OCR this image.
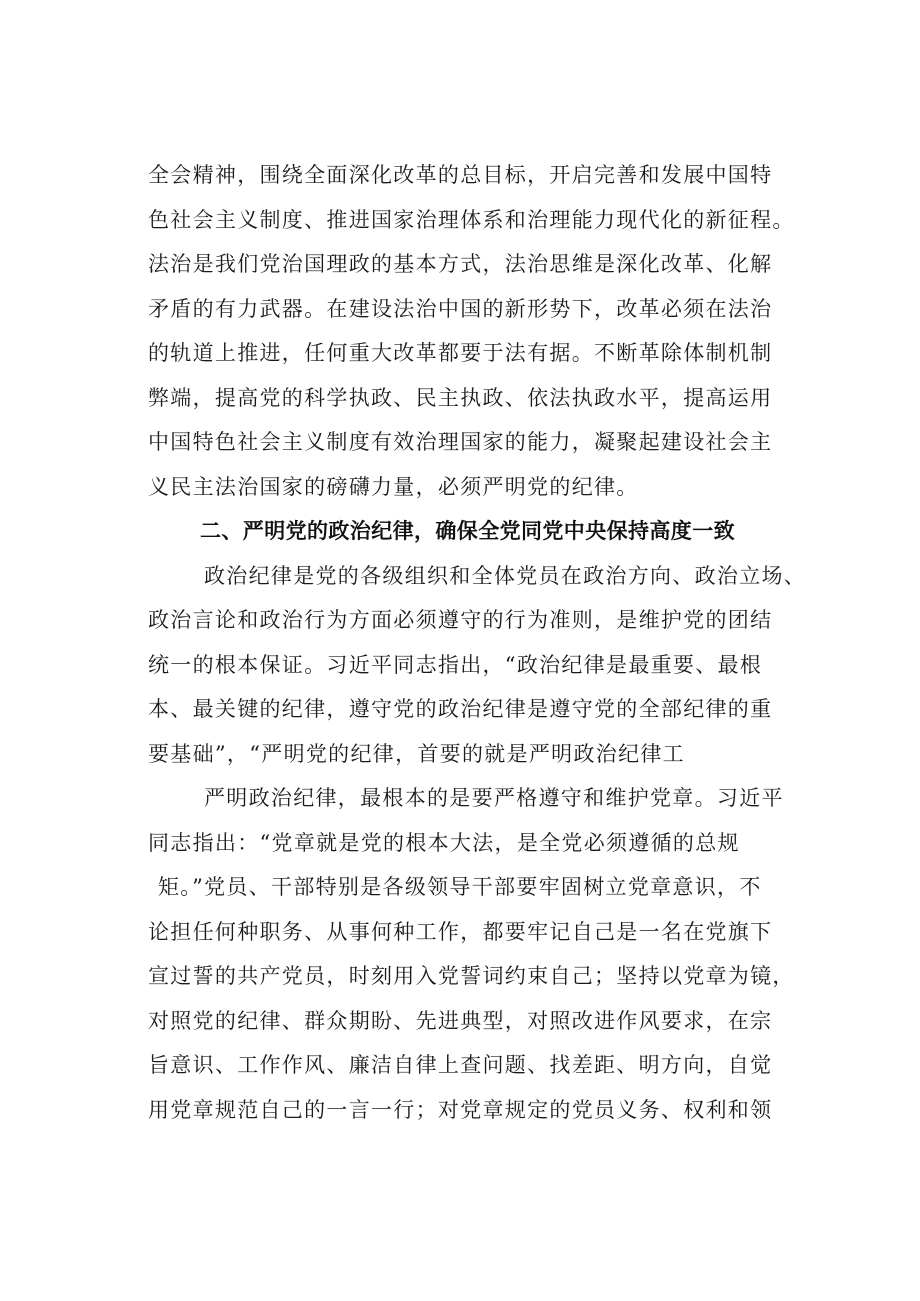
全会精神，围绕全面深化改革的总目标，开启完善和发展中国特
色社会主义制度、推进国家治理体系和治理能力现代化的新征程。
法治是我们党治国理政的基本方式，法治思维是深化改革、化解
矛盾的有力武器。在建设法治中国的新形势下，改革必须在法治
的轨道上推进，任何重大改革都要于法有据。不断革除体制机制
弊端，提高党的科学执政、民主执政、依法执政水平，提高运用
中国特色社会主义制度有效治理国家的能力，凝聚起建设社会主
义民主法治国家的磅礴力量，必须严明党的纪律。
二、严明党的政治纪律，确保全党同党中央保持高度一致
政治纪律是党的各级组织和全体党员在政治方向、政治立场、
政治言论和政治行为方面必须遵守的行为准则，是维护党的团结
统一的根本保证。习近平同志指出，“政治纪律是最重要、最根
本、最关键的纪律，遵守党的政治纪律是遵守党的全部纪律的重
要基础”，“严明党的纪律，首要的就是严明政治纪律工
严明政治纪律，最根本的是要严格遵守和维护党章。习近平
同志指出：“党章就是党的根本大法，是全党必须遵循的总规
矩。”党员、干部特别是各级领导干部要牢固树立党章意识，不
论担任何种职务、从事何种工作，都要牢记自己是一名在党旗下
宣过誓的共产党员，时刻用入党誓词约束自己；坚持以党章为镜，
对照党的纪律、群众期盼、先进典型，对照改进作风要求，在宗
旨意识、工作作风、廉洁自律上查问题、找差距、明方向，自觉
用党章规范自己的一言一行；对党章规定的党员义务、权利和领
